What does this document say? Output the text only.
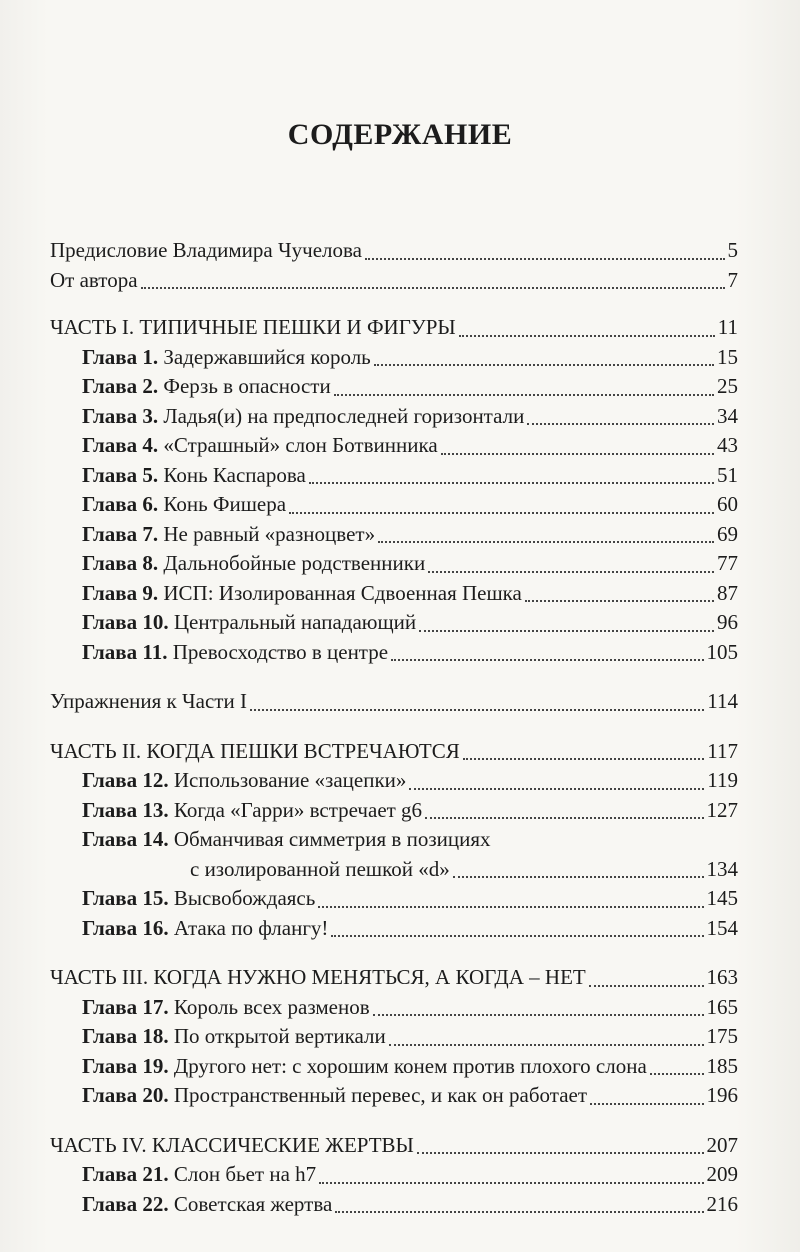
СОДЕРЖАНИЕ
Предисловие Владимира Чучелова	5
От автора	7
ЧАСТЬ I. ТИПИЧНЫЕ ПЕШКИ И ФИГУРЫ	11
Глава 1. Задержавшийся король	15
Глава 2. Ферзь в опасности	25
Глава 3. Ладья(и) на предпоследней горизонтали	34
Глава 4. «Страшный» слон Ботвинника	43
Глава 5. Конь Каспарова	51
Глава 6. Конь Фишера	60
Глава 7. Не равный «разноцвет»	69
Глава 8. Дальнобойные родственники	77
Глава 9. ИСП: Изолированная Сдвоенная Пешка	87
Глава 10. Центральный нападающий	96
Глава 11. Превосходство в центре	105
Упражнения к Части I	114
ЧАСТЬ II. КОГДА ПЕШКИ ВСТРЕЧАЮТСЯ	117
Глава 12. Использование «зацепки»	119
Глава 13. Когда «Гарри» встречает g6	127
Глава 14. Обманчивая симметрия в позициях
с изолированной пешкой «d»	134
Глава 15. Высвобождаясь	145
Глава 16. Атака по флангу!	154
ЧАСТЬ III. КОГДА НУЖНО МЕНЯТЬСЯ, А КОГДА – НЕТ	163
Глава 17. Король всех разменов	165
Глава 18. По открытой вертикали	175
Глава 19. Другого нет: с хорошим конем против плохого слона	185
Глава 20. Пространственный перевес, и как он работает	196
ЧАСТЬ IV. КЛАССИЧЕСКИЕ ЖЕРТВЫ	207
Глава 21. Слон бьет на h7	209
Глава 22. Советская жертва	216
